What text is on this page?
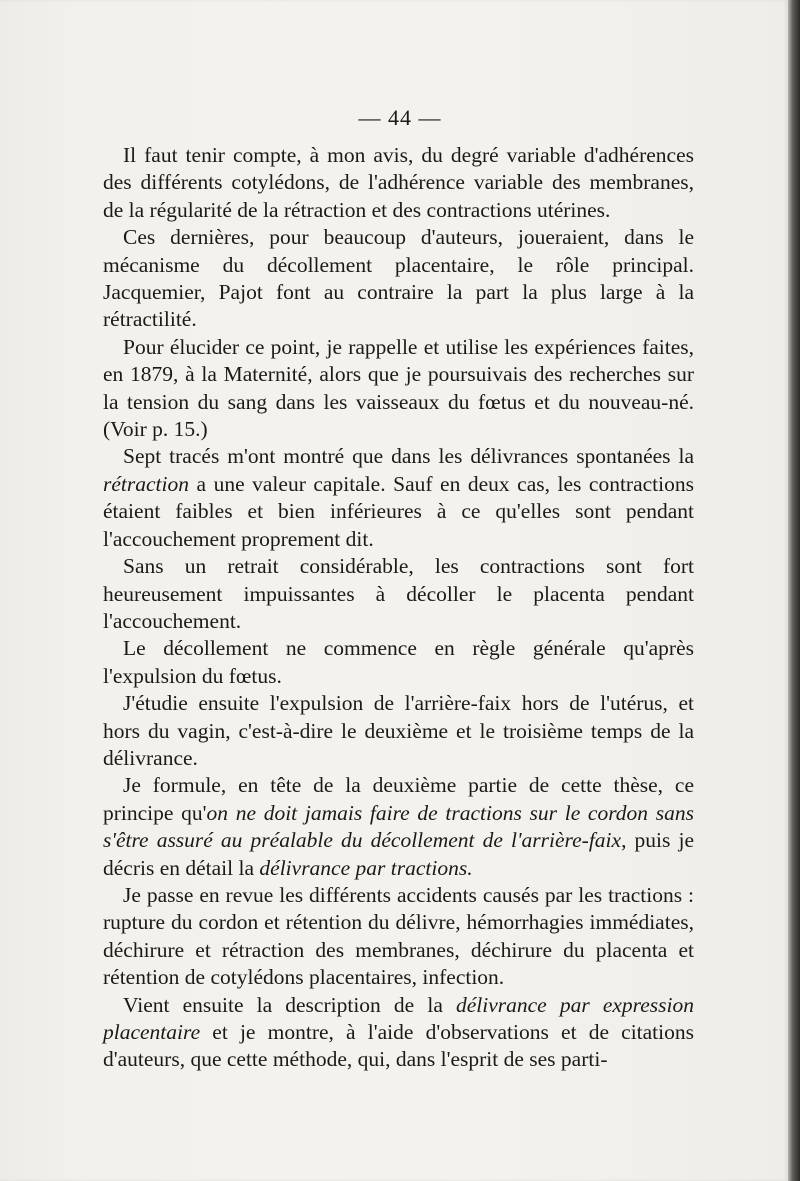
— 44 —

Il faut tenir compte, à mon avis, du degré variable d'adhérences des différents cotylédons, de l'adhérence variable des membranes, de la régularité de la rétraction et des contractions utérines.

Ces dernières, pour beaucoup d'auteurs, joueraient, dans le mécanisme du décollement placentaire, le rôle principal. Jacquemier, Pajot font au contraire la part la plus large à la rétractilité.

Pour élucider ce point, je rappelle et utilise les expériences faites, en 1879, à la Maternité, alors que je poursuivais des recherches sur la tension du sang dans les vaisseaux du fœtus et du nouveau-né. (Voir p. 15.)

Sept tracés m'ont montré que dans les délivrances spontanées la rétraction a une valeur capitale. Sauf en deux cas, les contractions étaient faibles et bien inférieures à ce qu'elles sont pendant l'accouchement proprement dit.

Sans un retrait considérable, les contractions sont fort heureusement impuissantes à décoller le placenta pendant l'accouchement.

Le décollement ne commence en règle générale qu'après l'expulsion du fœtus.

J'étudie ensuite l'expulsion de l'arrière-faix hors de l'utérus, et hors du vagin, c'est-à-dire le deuxième et le troisième temps de la délivrance.

Je formule, en tête de la deuxième partie de cette thèse, ce principe qu'on ne doit jamais faire de tractions sur le cordon sans s'être assuré au préalable du décollement de l'arrière-faix, puis je décris en détail la délivrance par tractions.

Je passe en revue les différents accidents causés par les tractions : rupture du cordon et rétention du délivre, hémorrhagies immédiates, déchirure et rétraction des membranes, déchirure du placenta et rétention de cotylédons placentaires, infection.

Vient ensuite la description de la délivrance par expression placentaire et je montre, à l'aide d'observations et de citations d'auteurs, que cette méthode, qui, dans l'esprit de ses parti-
